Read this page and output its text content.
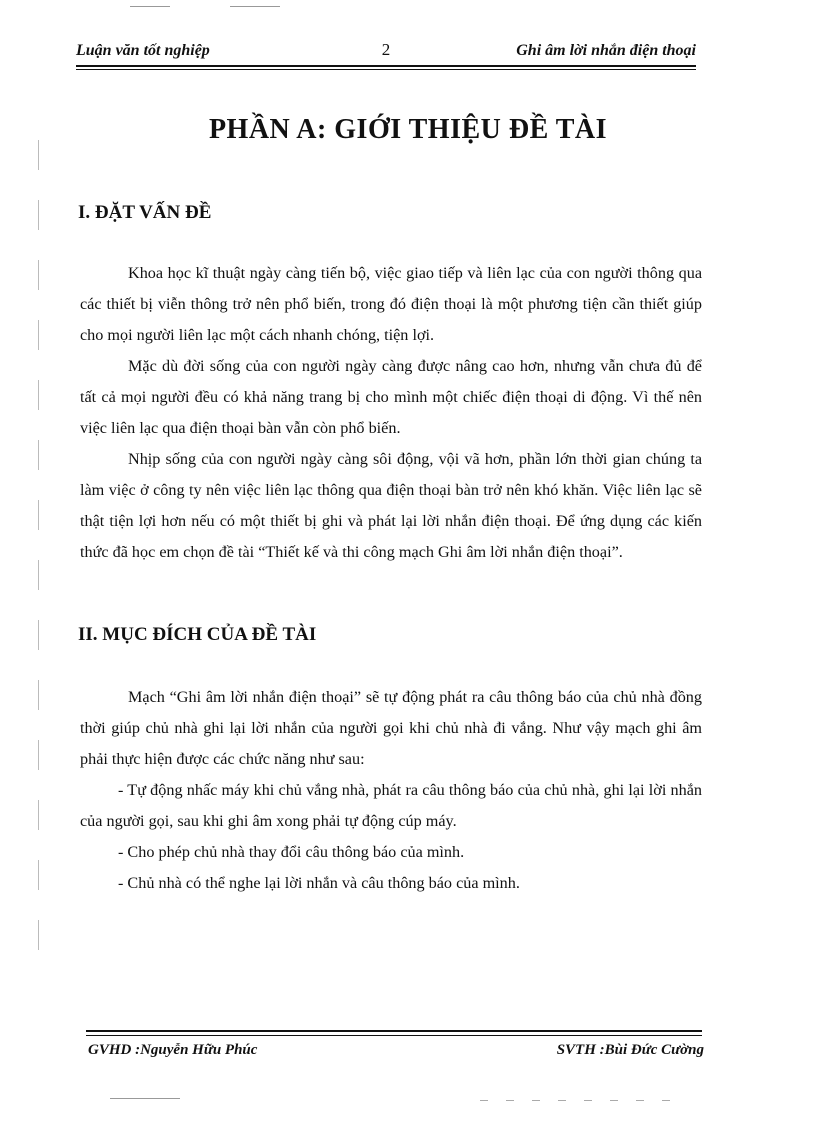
Luận văn tốt nghiệp	2	Ghi âm lời nhắn điện thoại
PHẦN A: GIỚI THIỆU ĐỀ TÀI
I. ĐẶT VẤN ĐỀ

Khoa học kĩ thuật ngày càng tiến bộ, việc giao tiếp và liên lạc của con người thông qua các thiết bị viễn thông trở nên phổ biến, trong đó điện thoại là một phương tiện cần thiết giúp cho mọi người liên lạc một cách nhanh chóng, tiện lợi.

Mặc dù đời sống của con người ngày càng được nâng cao hơn, nhưng vẫn chưa đủ để tất cả mọi người đều có khả năng trang bị cho mình một chiếc điện thoại di động. Vì thế nên việc liên lạc qua điện thoại bàn vẫn còn phổ biến.

Nhịp sống của con người ngày càng sôi động, vội vã hơn, phần lớn thời gian chúng ta làm việc ở công ty nên việc liên lạc thông qua điện thoại bàn trở nên khó khăn. Việc liên lạc sẽ thật tiện lợi hơn nếu có một thiết bị ghi và phát lại lời nhắn điện thoại. Để ứng dụng các kiến thức đã học em chọn đề tài “Thiết kế và thi công mạch Ghi âm lời nhắn điện thoại”.

II. MỤC ĐÍCH CỦA ĐỀ TÀI

Mạch “Ghi âm lời nhắn điện thoại” sẽ tự động phát ra câu thông báo của chủ nhà đồng thời giúp chủ nhà ghi lại lời nhắn của người gọi khi chủ nhà đi vắng. Như vậy mạch ghi âm phải thực hiện được các chức năng như sau:

- Tự động nhấc máy khi chủ vắng nhà, phát ra câu thông báo của chủ nhà, ghi lại lời nhắn của người gọi, sau khi ghi âm xong phải tự động cúp máy.

- Cho phép chủ nhà thay đổi câu thông báo của mình.

- Chủ nhà có thể nghe lại lời nhắn và câu thông báo của mình.

GVHD :Nguyễn Hữu Phúc	SVTH :Bùi Đức Cường
